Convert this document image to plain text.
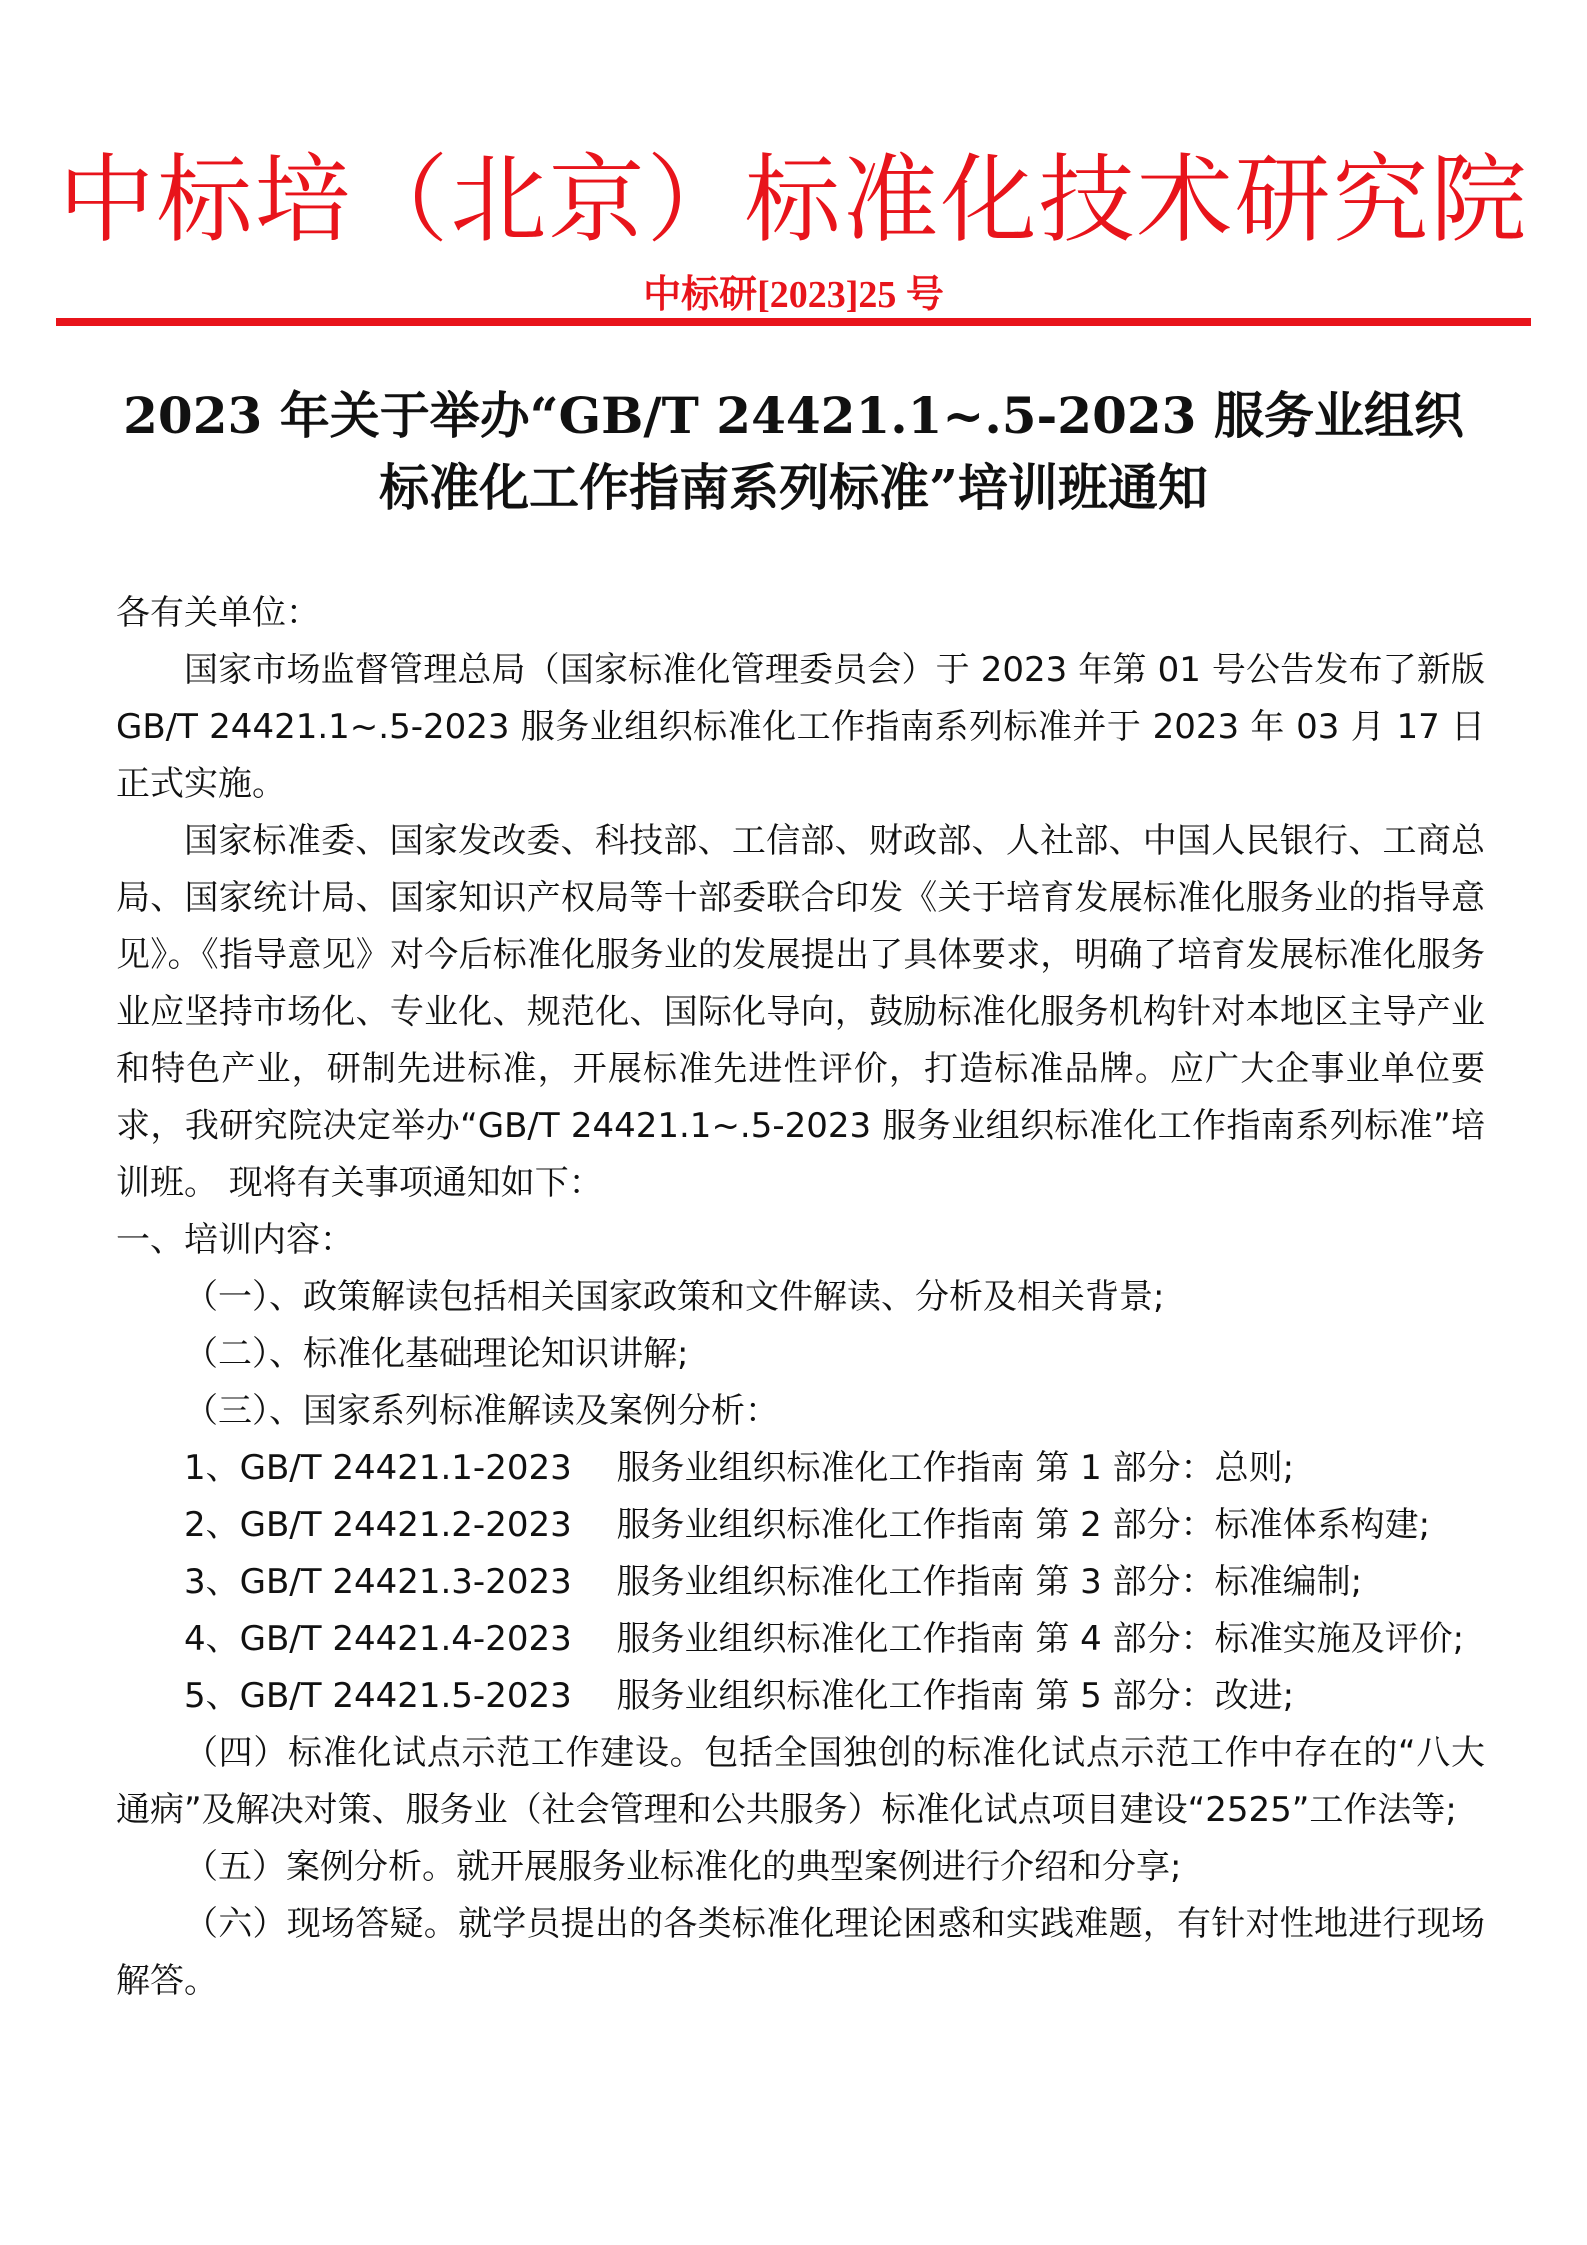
中标培（北京）标准化技术研究院
中标研[2023]25 号
2023 年关于举办“GB/T 24421.1~.5-2023 服务业组织
标准化工作指南系列标准”培训班通知

各有关单位：

国家市场监督管理总局（国家标准化管理委员会）于 2023 年第 01 号公告发布了新版 GB/T 24421.1~.5-2023 服务业组织标准化工作指南系列标准并于 2023 年 03 月 17 日正式实施。

国家标准委、国家发改委、科技部、工信部、财政部、人社部、中国人民银行、工商总局、国家统计局、国家知识产权局等十部委联合印发《关于培育发展标准化服务业的指导意见》。《指导意见》对今后标准化服务业的发展提出了具体要求，明确了培育发展标准化服务业应坚持市场化、专业化、规范化、国际化导向，鼓励标准化服务机构针对本地区主导产业和特色产业，研制先进标准，开展标准先进性评价，打造标准品牌。应广大企事业单位要求，我研究院决定举办“GB/T 24421.1~.5-2023 服务业组织标准化工作指南系列标准”培训班。 现将有关事项通知如下：

一、培训内容：

（一）、政策解读包括相关国家政策和文件解读、分析及相关背景;

（二）、标准化基础理论知识讲解;

（三）、国家系列标准解读及案例分析：

1、GB/T 24421.1-2023　 服务业组织标准化工作指南 第 1 部分：总则;

2、GB/T 24421.2-2023　 服务业组织标准化工作指南 第 2 部分：标准体系构建;

3、GB/T 24421.3-2023　 服务业组织标准化工作指南 第 3 部分：标准编制;

4、GB/T 24421.4-2023　 服务业组织标准化工作指南 第 4 部分：标准实施及评价;

5、GB/T 24421.5-2023　 服务业组织标准化工作指南 第 5 部分：改进;

（四）标准化试点示范工作建设。包括全国独创的标准化试点示范工作中存在的“八大通病”及解决对策、服务业（社会管理和公共服务）标准化试点项目建设“2525”工作法等;

（五）案例分析。就开展服务业标准化的典型案例进行介绍和分享;

（六）现场答疑。就学员提出的各类标准化理论困惑和实践难题，有针对性地进行现场解答。
